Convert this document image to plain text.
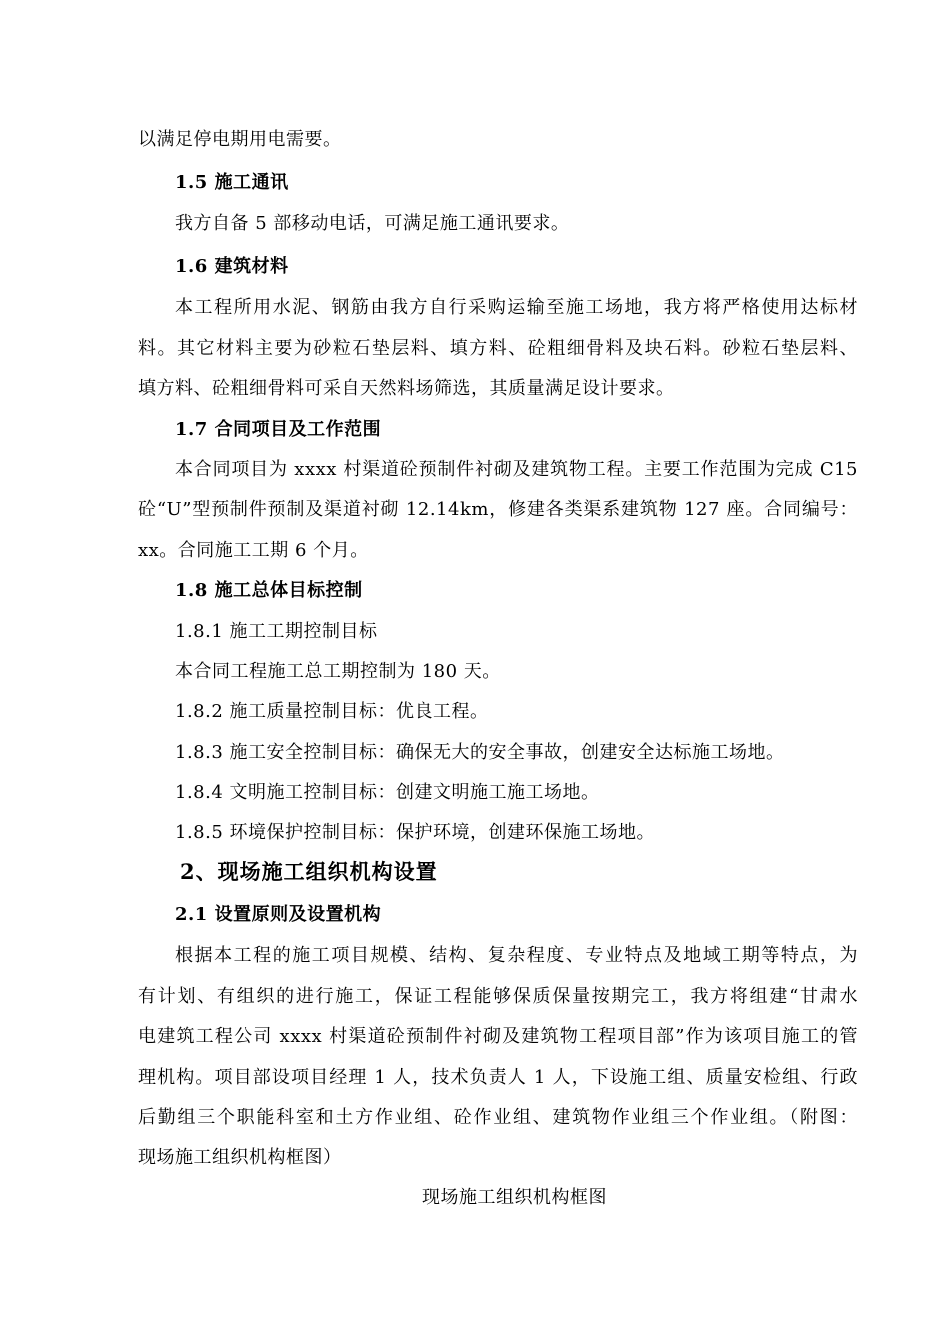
以满足停电期用电需要。
1.5 施工通讯
我方自备 5 部移动电话，可满足施工通讯要求。
1.6 建筑材料
本工程所用水泥、钢筋由我方自行采购运输至施工场地，我方将严格使用达标材
料。其它材料主要为砂粒石垫层料、填方料、砼粗细骨料及块石料。砂粒石垫层料、
填方料、砼粗细骨料可采自天然料场筛选，其质量满足设计要求。
1.7 合同项目及工作范围
本合同项目为 xxxx 村渠道砼预制件衬砌及建筑物工程。主要工作范围为完成 C15
砼“U”型预制件预制及渠道衬砌 12.14km，修建各类渠系建筑物 127 座。合同编号：
xx。合同施工工期 6 个月。
1.8 施工总体目标控制
1.8.1 施工工期控制目标
本合同工程施工总工期控制为 180 天。
1.8.2 施工质量控制目标：优良工程。
1.8.3 施工安全控制目标：确保无大的安全事故，创建安全达标施工场地。
1.8.4 文明施工控制目标：创建文明施工施工场地。
1.8.5 环境保护控制目标：保护环境，创建环保施工场地。
2、现场施工组织机构设置
2.1 设置原则及设置机构
根据本工程的施工项目规模、结构、复杂程度、专业特点及地域工期等特点，为
有计划、有组织的进行施工，保证工程能够保质保量按期完工，我方将组建“甘肃水
电建筑工程公司 xxxx 村渠道砼预制件衬砌及建筑物工程项目部”作为该项目施工的管
理机构。项目部设项目经理 1 人，技术负责人 1 人，下设施工组、质量安检组、行政
后勤组三个职能科室和土方作业组、砼作业组、建筑物作业组三个作业组。（附图：
现场施工组织机构框图）
现场施工组织机构框图
